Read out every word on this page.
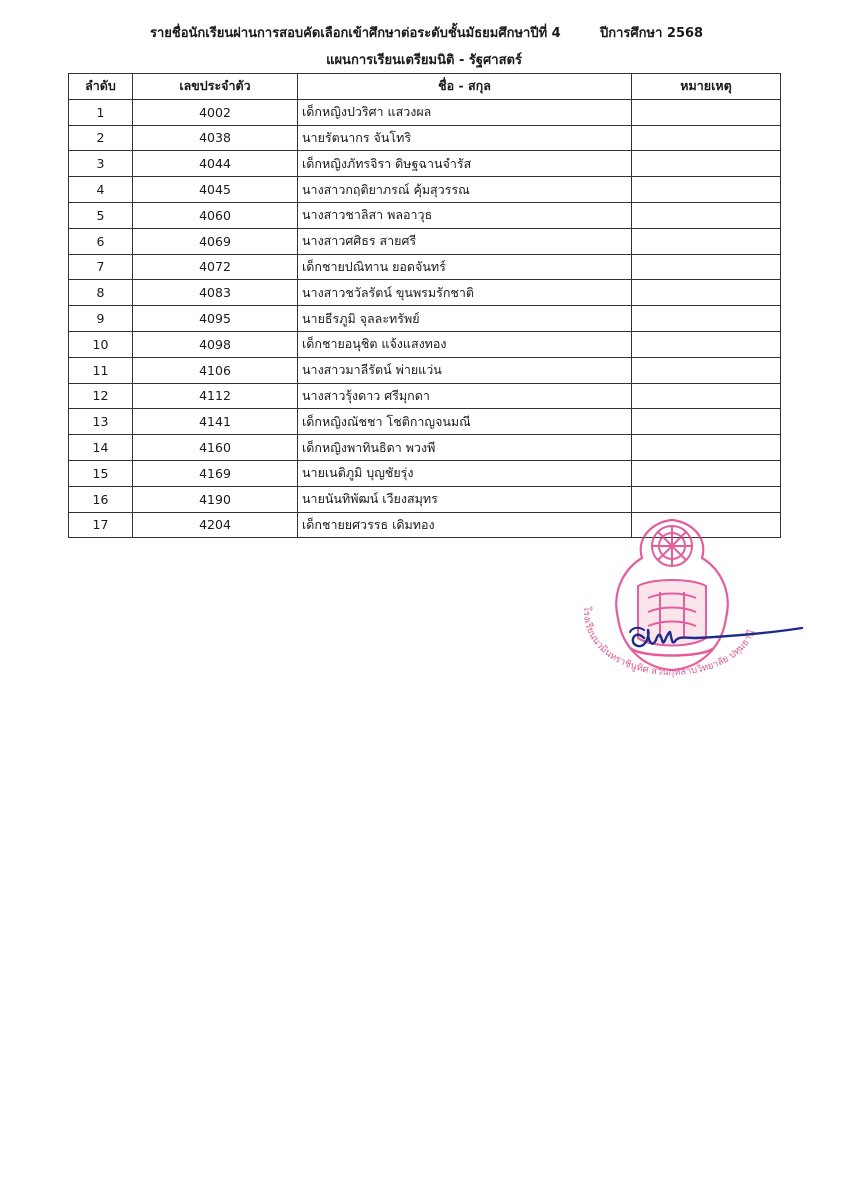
รายชื่อนักเรียนผ่านการสอบคัดเลือกเข้าศึกษาต่อระดับชั้นมัธยมศึกษาปีที่ 4	ปีการศึกษา 2568
แผนการเรียนเตรียมนิติ - รัฐศาสตร์
ลำดับ	เลขประจำตัว	ชื่อ - สกุล	หมายเหตุ
1	4002	เด็กหญิงปวริศา แสวงผล	
2	4038	นายรัตนากร จันโทริ	
3	4044	เด็กหญิงภัทรจิรา ดิษฐฉานจำรัส	
4	4045	นางสาวกฤติยาภรณ์ คุ้มสุวรรณ	
5	4060	นางสาวชาลิสา พลอาวุธ	
6	4069	นางสาวศศิธร สายศรี	
7	4072	เด็กชายปณิทาน ยอดจันทร์	
8	4083	นางสาวชวัลรัตน์ ขุนพรมรักชาติ	
9	4095	นายธีรภูมิ จุลละทรัพย์	
10	4098	เด็กชายอนุชิต แจ้งแสงทอง	
11	4106	นางสาวมาลีรัตน์ พ่ายแว่น	
12	4112	นางสาวรุ้งดาว ศรีมุกดา	
13	4141	เด็กหญิงณัชชา โชติกาญจนมณี	
14	4160	เด็กหญิงพาทินธิดา พวงพี	
15	4169	นายเนติภูมิ บุญชัยรุ่ง	
16	4190	นายนันทิพัฒน์ เวียงสมุทร	
17	4204	เด็กชายยศวรรธ เดิมทอง	
โรงเรียนนวมินทราชินูทิศ สวนกุหลาบวิทยาลัย ปทุมธานี
